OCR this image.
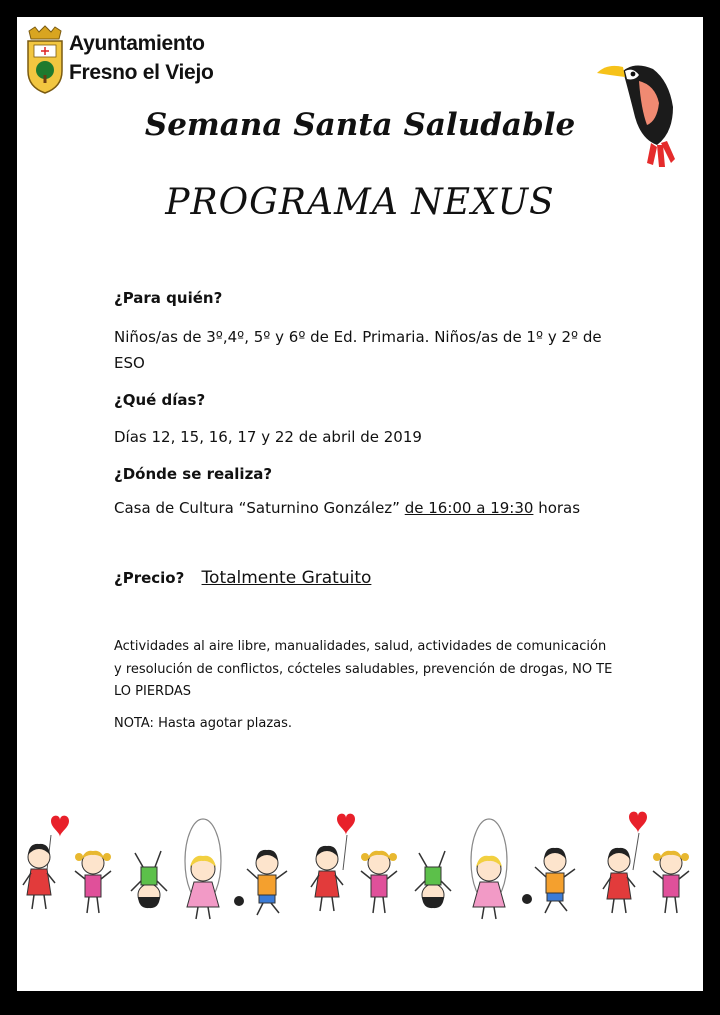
Ayuntamiento
Fresno el Viejo
Semana Santa Saludable
PROGRAMA NEXUS
¿Para quién?
Niños/as de 3º,4º, 5º y 6º de Ed. Primaria. Niños/as de 1º y 2º de ESO
¿Qué días?
Días 12, 15, 16, 17 y 22 de abril de 2019
¿Dónde se realiza?
Casa de Cultura “Saturnino González” de 16:00 a 19:30 horas
¿Precio? Totalmente Gratuito
Actividades al aire libre, manualidades, salud, actividades de comunicación y resolución de conflictos, cócteles saludables, prevención de drogas, NO TE LO PIERDAS
NOTA: Hasta agotar plazas.
